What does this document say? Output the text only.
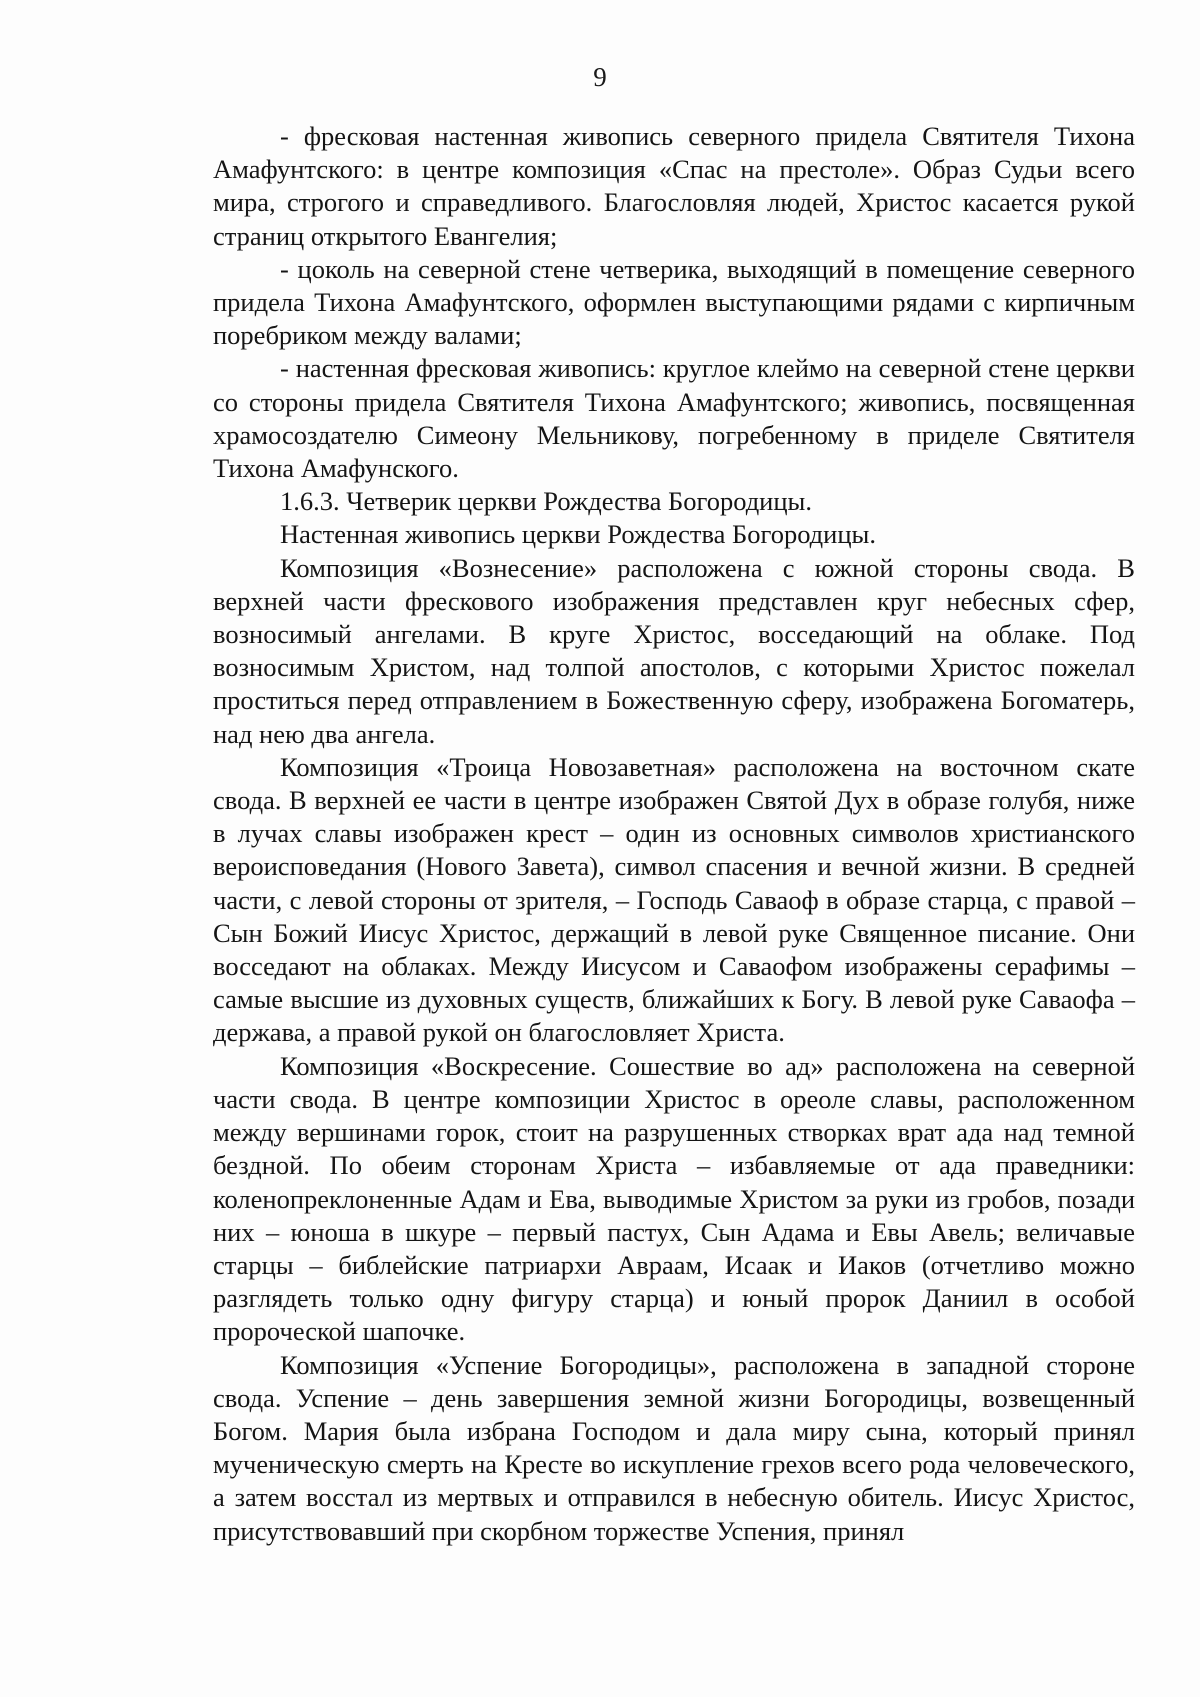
9

- фресковая настенная живопись северного придела Святителя Тихона Амафунтского: в центре композиция «Спас на престоле». Образ Судьи всего мира, строгого и справедливого. Благословляя людей, Христос касается рукой страниц открытого Евангелия;

- цоколь на северной стене четверика, выходящий в помещение северного придела Тихона Амафунтского, оформлен выступающими рядами с кирпичным поребриком между валами;

- настенная фресковая живопись: круглое клеймо на северной стене церкви со стороны придела Святителя Тихона Амафунтского; живопись, посвященная храмосоздателю Симеону Мельникову, погребенному в приделе Святителя Тихона Амафунского.

1.6.3. Четверик церкви Рождества Богородицы.

Настенная живопись церкви Рождества Богородицы.

Композиция «Вознесение» расположена с южной стороны свода. В верхней части фрескового изображения представлен круг небесных сфер, возносимый ангелами. В круге Христос, восседающий на облаке. Под возносимым Христом, над толпой апостолов, с которыми Христос пожелал проститься перед отправлением в Божественную сферу, изображена Богоматерь, над нею два ангела.

Композиция «Троица Новозаветная» расположена на восточном скате свода. В верхней ее части в центре изображен Святой Дух в образе голубя, ниже в лучах славы изображен крест – один из основных символов христианского вероисповедания (Нового Завета), символ спасения и вечной жизни. В средней части, с левой стороны от зрителя, – Господь Саваоф в образе старца, с правой – Сын Божий Иисус Христос, держащий в левой руке Священное писание. Они восседают на облаках. Между Иисусом и Саваофом изображены серафимы – самые высшие из духовных существ, ближайших к Богу. В левой руке Саваофа – держава, а правой рукой он благословляет Христа.

Композиция «Воскресение. Сошествие во ад» расположена на северной части свода. В центре композиции Христос в ореоле славы, расположенном между вершинами горок, стоит на разрушенных створках врат ада над темной бездной. По обеим сторонам Христа – избавляемые от ада праведники: коленопреклоненные Адам и Ева, выводимые Христом за руки из гробов, позади них – юноша в шкуре – первый пастух, Сын Адама и Евы Авель; величавые старцы – библейские патриархи Авраам, Исаак и Иаков (отчетливо можно разглядеть только одну фигуру старца) и юный пророк Даниил в особой пророческой шапочке.

Композиция «Успение Богородицы», расположена в западной стороне свода. Успение – день завершения земной жизни Богородицы, возвещенный Богом. Мария была избрана Господом и дала миру сына, который принял мученическую смерть на Кресте во искупление грехов всего рода человеческого, а затем восстал из мертвых и отправился в небесную обитель. Иисус Христос, присутствовавший при скорбном торжестве Успения, принял
